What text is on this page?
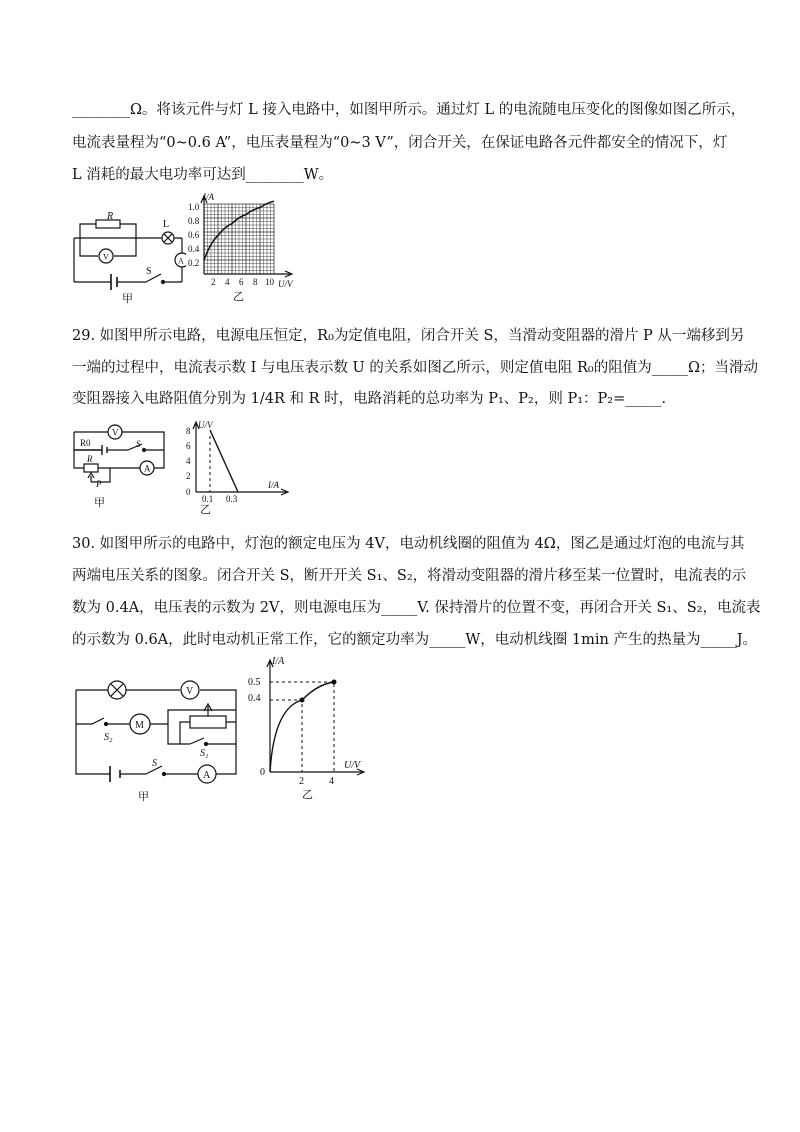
________Ω。将该元件与灯 L 接入电路中，如图甲所示。通过灯 L 的电流随电压变化的图像如图乙所示，
电流表量程为“0~0.6 A”，电压表量程为“0~3 V”，闭合开关，在保证电路各元件都安全的情况下，灯
L 消耗的最大电功率可达到________W。
R
L
V	A
S
甲
I/A
U/V
1.0
0.8
0.6
0.4
0.2
2 4 6 8 10
乙
29. 如图甲所示电路，电源电压恒定，R₀为定值电阻，闭合开关 S，当滑动变阻器的滑片 P 从一端移到另
一端的过程中，电流表示数 I 与电压表示数 U 的关系如图乙所示，则定值电阻 R₀的阻值为_____Ω；当滑动
变阻器接入电路阻值分别为 1/4R 和 R 时，电路消耗的总功率为 P₁、P₂，则 P₁：P₂=_____.
V
R0	S
R
A
P
甲
U/V
I/A
8
6
4
2
0
0.1 0.3
乙
30. 如图甲所示的电路中，灯泡的额定电压为 4V，电动机线圈的阻值为 4Ω，图乙是通过灯泡的电流与其
两端电压关系的图象。闭合开关 S，断开开关 S₁、S₂，将滑动变阻器的滑片移至某一位置时，电流表的示
数为 0.4A，电压表的示数为 2V，则电源电压为_____V. 保持滑片的位置不变，再闭合开关 S₁、S₂，电流表
的示数为 0.6A，此时电动机正常工作，它的额定功率为_____W，电动机线圈 1min 产生的热量为_____J。
V
M
S₂
S₁
S
A
甲
I/A
U/V
0.5
0.4
0
2	4
乙
